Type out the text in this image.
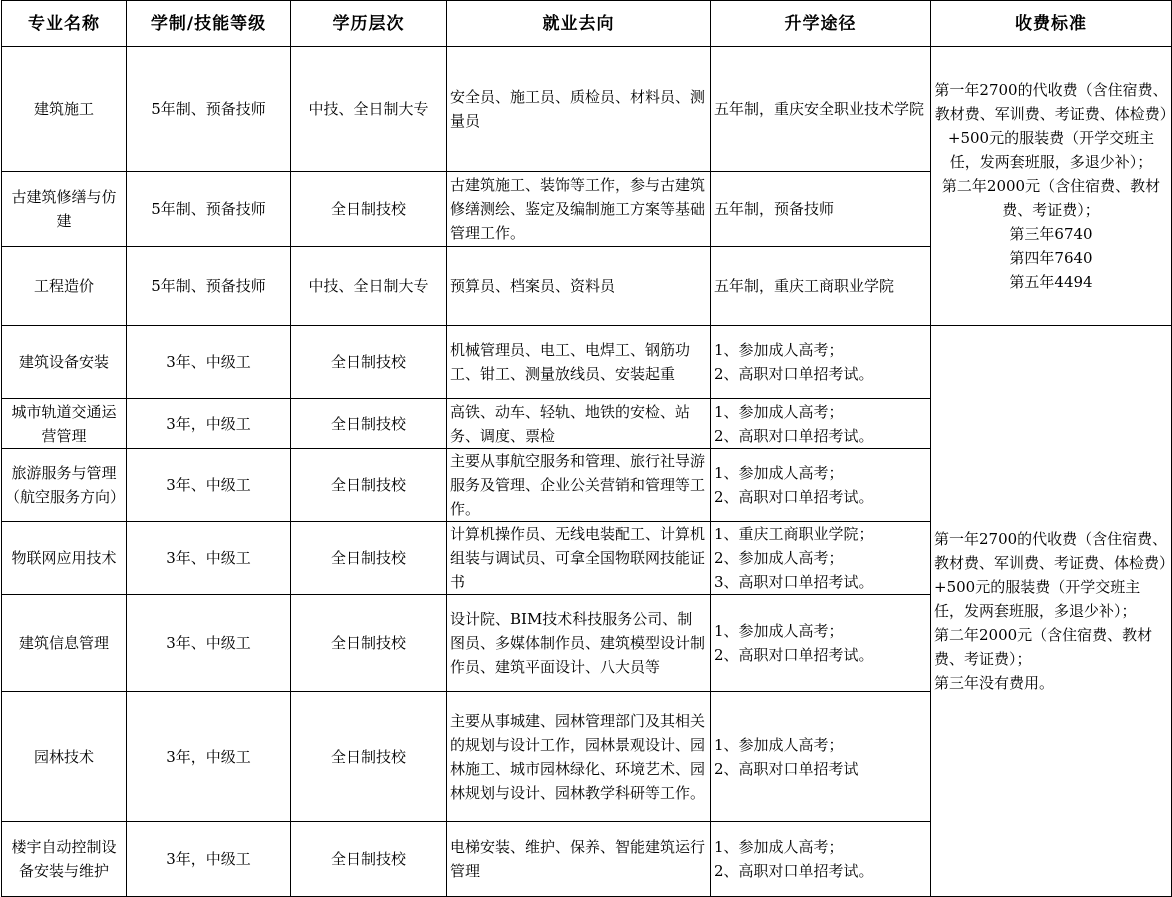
专业名称	学制/技能等级	学历层次	就业去向	升学途径	收费标准
建筑施工	5年制、预备技师	中技、全日制大专	安全员、施工员、质检员、材料员、测量员	五年制，重庆安全职业技术学院	第一年2700的代收费（含住宿费、教材费、军训费、考证费、体检费）+500元的服装费（开学交班主任，发两套班服，多退少补）；
第二年2000元（含住宿费、教材费、考证费）；
第三年6740
第四年7640
第五年4494
古建筑修缮与仿建	5年制、预备技师	全日制技校	古建筑施工、装饰等工作，参与古建筑修缮测绘、鉴定及编制施工方案等基础管理工作。	五年制，预备技师	
工程造价	5年制、预备技师	中技、全日制大专	预算员、档案员、资料员	五年制，重庆工商职业学院	
建筑设备安装	3年、中级工	全日制技校	机械管理员、电工、电焊工、钢筋功工、钳工、测量放线员、安装起重	1、参加成人高考；
2、高职对口单招考试。	第一年2700的代收费（含住宿费、教材费、军训费、考证费、体检费）+500元的服装费（开学交班主任，发两套班服，多退少补）；
第二年2000元（含住宿费、教材费、考证费）；
第三年没有费用。
城市轨道交通运营管理	3年，中级工	全日制技校	高铁、动车、轻轨、地铁的安检、站务、调度、票检	1、参加成人高考；
2、高职对口单招考试。	
旅游服务与管理（航空服务方向）	3年、中级工	全日制技校	主要从事航空服务和管理、旅行社导游服务及管理、企业公关营销和管理等工作。	1、参加成人高考；
2、高职对口单招考试。	
物联网应用技术	3年、中级工	全日制技校	计算机操作员、无线电装配工、计算机组装与调试员、可拿全国物联网技能证书	1、重庆工商职业学院；
2、参加成人高考；
3、高职对口单招考试。	
建筑信息管理	3年、中级工	全日制技校	设计院、BIM技术科技服务公司、制图员、多媒体制作员、建筑模型设计制作员、建筑平面设计、八大员等	1、参加成人高考；
2、高职对口单招考试。	
园林技术	3年，中级工	全日制技校	主要从事城建、园林管理部门及其相关的规划与设计工作，园林景观设计、园林施工、城市园林绿化、环境艺术、园林规划与设计、园林教学科研等工作。	1、参加成人高考；
2、高职对口单招考试	
楼宇自动控制设备安装与维护	3年，中级工	全日制技校	电梯安装、维护、保养、智能建筑运行管理	1、参加成人高考；
2、高职对口单招考试。	
